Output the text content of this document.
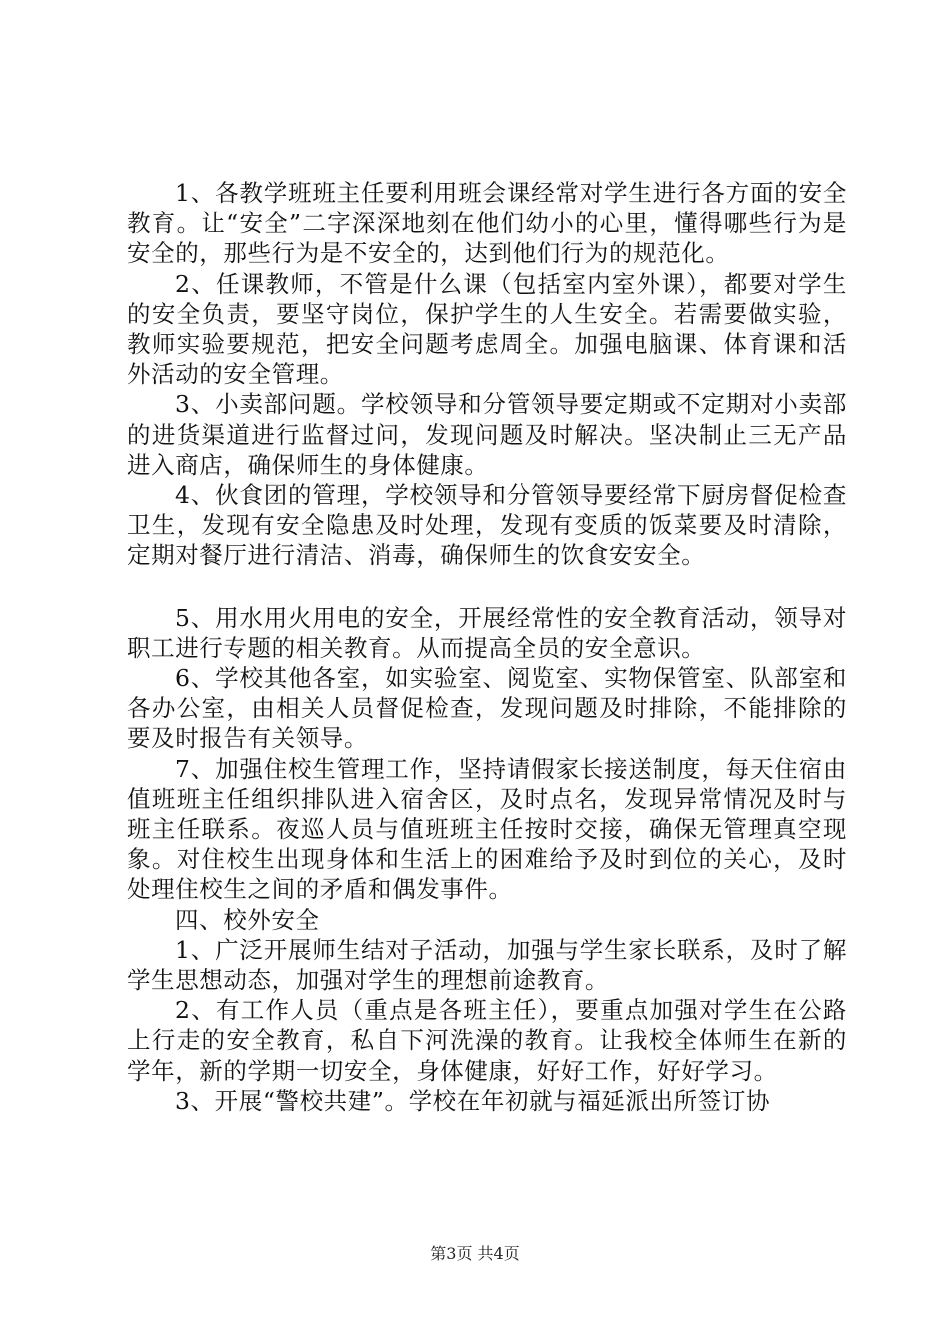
1、各教学班班主任要利用班会课经常对学生进行各方面的安全教育。让“安全”二字深深地刻在他们幼小的心里，懂得哪些行为是安全的，那些行为是不安全的，达到他们行为的规范化。

2、任课教师，不管是什么课（包括室内室外课），都要对学生的安全负责，要坚守岗位，保护学生的人生安全。若需要做实验，教师实验要规范，把安全问题考虑周全。加强电脑课、体育课和活外活动的安全管理。

3、小卖部问题。学校领导和分管领导要定期或不定期对小卖部的进货渠道进行监督过问，发现问题及时解决。坚决制止三无产品进入商店，确保师生的身体健康。

4、伙食团的管理，学校领导和分管领导要经常下厨房督促检查卫生，发现有安全隐患及时处理，发现有变质的饭菜要及时清除，定期对餐厅进行清洁、消毒，确保师生的饮食安安全。

5、用水用火用电的安全，开展经常性的安全教育活动，领导对职工进行专题的相关教育。从而提高全员的安全意识。

6、学校其他各室，如实验室、阅览室、实物保管室、队部室和各办公室，由相关人员督促检查，发现问题及时排除，不能排除的要及时报告有关领导。

7、加强住校生管理工作，坚持请假家长接送制度，每天住宿由值班班主任组织排队进入宿舍区，及时点名，发现异常情况及时与班主任联系。夜巡人员与值班班主任按时交接，确保无管理真空现象。对住校生出现身体和生活上的困难给予及时到位的关心，及时处理住校生之间的矛盾和偶发事件。

四、校外安全

1、广泛开展师生结对子活动，加强与学生家长联系，及时了解学生思想动态，加强对学生的理想前途教育。

2、有工作人员（重点是各班主任），要重点加强对学生在公路上行走的安全教育，私自下河洗澡的教育。让我校全体师生在新的学年，新的学期一切安全，身体健康，好好工作，好好学习。

3、开展“警校共建”。学校在年初就与福延派出所签订协

第3页 共4页
